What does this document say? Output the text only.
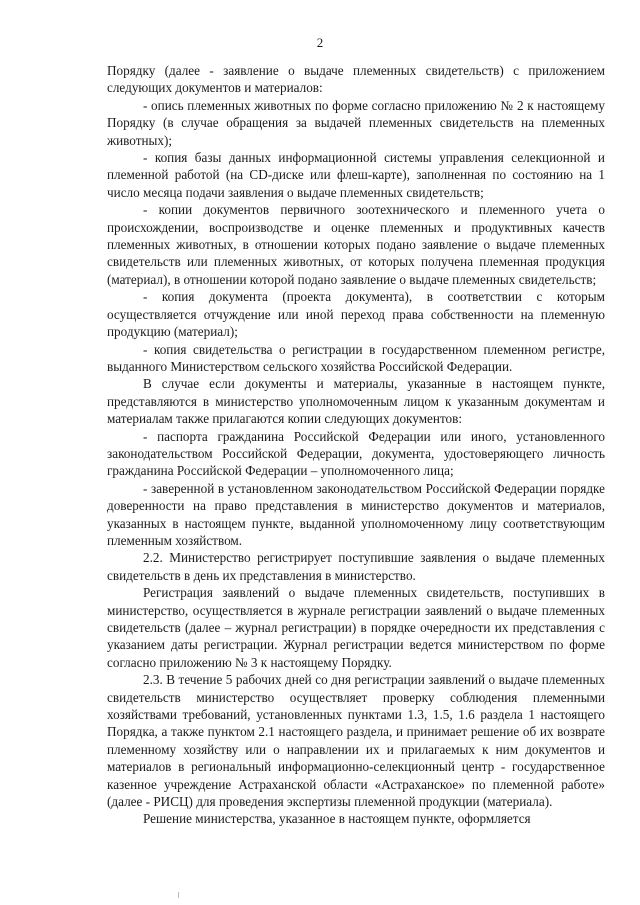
2

Порядку (далее - заявление о выдаче племенных свидетельств) с приложением следующих документов и материалов:

- опись племенных животных по форме согласно приложению № 2 к настоящему Порядку (в случае обращения за выдачей племенных свидетельств на племенных животных);

- копия базы данных информационной системы управления селекционной и племенной работой (на CD-диске или флеш-карте), заполненная по состоянию на 1 число месяца подачи заявления о выдаче племенных свидетельств;

- копии документов первичного зоотехнического и племенного учета о происхождении, воспроизводстве и оценке племенных и продуктивных качеств племенных животных, в отношении которых подано заявление о выдаче племенных свидетельств или племенных животных, от которых получена племенная продукция (материал), в отношении которой подано заявление о выдаче племенных свидетельств;

- копия документа (проекта документа), в соответствии с которым осуществляется отчуждение или иной переход права собственности на племенную продукцию (материал);

- копия свидетельства о регистрации в государственном племенном регистре, выданного Министерством сельского хозяйства Российской Федерации.

В случае если документы и материалы, указанные в настоящем пункте, представляются в министерство уполномоченным лицом к указанным документам и материалам также прилагаются копии следующих документов:

- паспорта гражданина Российской Федерации или иного, установленного законодательством Российской Федерации, документа, удостоверяющего личность гражданина Российской Федерации – уполномоченного лица;

- заверенной в установленном законодательством Российской Федерации порядке доверенности на право представления в министерство документов и материалов, указанных в настоящем пункте, выданной уполномоченному лицу соответствующим племенным хозяйством.

2.2. Министерство регистрирует поступившие заявления о выдаче племенных свидетельств в день их представления в министерство.

Регистрация заявлений о выдаче племенных свидетельств, поступивших в министерство, осуществляется в журнале регистрации заявлений о выдаче племенных свидетельств (далее – журнал регистрации) в порядке очередности их представления с указанием даты регистрации. Журнал регистрации ведется министерством по форме согласно приложению № 3 к настоящему Порядку.

2.3. В течение 5 рабочих дней со дня регистрации заявлений о выдаче племенных свидетельств министерство осуществляет проверку соблюдения племенными хозяйствами требований, установленных пунктами 1.3, 1.5, 1.6 раздела 1 настоящего Порядка, а также пунктом 2.1 настоящего раздела, и принимает решение об их возврате племенному хозяйству или о направлении их и прилагаемых к ним документов и материалов в региональный информационно-селекционный центр - государственное казенное учреждение Астраханской области «Астраханское» по племенной работе» (далее - РИСЦ) для проведения экспертизы племенной продукции (материала).

Решение министерства, указанное в настоящем пункте, оформляется
